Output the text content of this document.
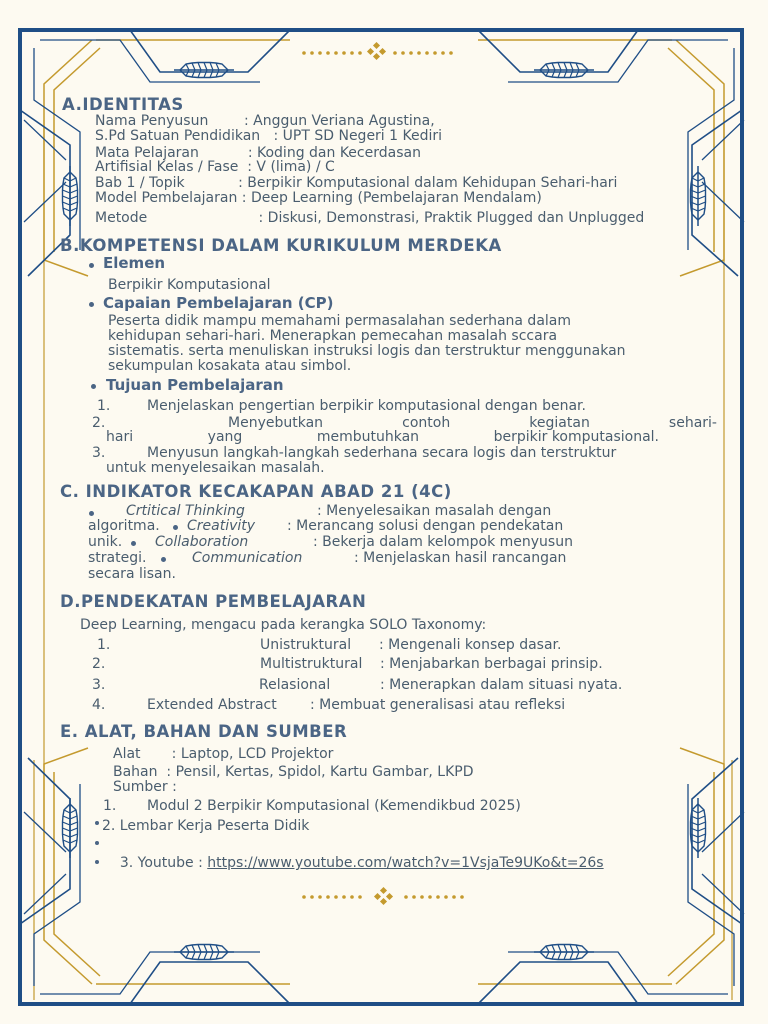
A.IDENTITAS
Nama Penyusun        : Anggun Veriana Agustina,
S.Pd Satuan Pendidikan   : UPT SD Negeri 1 Kediri
Mata Pelajaran           : Koding dan Kecerdasan
Artifisial Kelas / Fase  : V (lima) / C
Bab 1 / Topik            : Berpikir Komputasional dalam Kehidupan Sehari-hari
Model Pembelajaran : Deep Learning (Pembelajaran Mendalam)
Metode                         : Diskusi, Demonstrasi, Praktik Plugged dan Unplugged
B.KOMPETENSI DALAM KURIKULUM MERDEKA
Elemen
Berpikir Komputasional
Capaian Pembelajaran (CP)
Peserta didik mampu memahami permasalahan sederhana dalam
kehidupan sehari-hari. Menerapkan pemecahan masalah sccara
sistematis. serta menuliskan instruksi logis dan terstruktur menggunakan
sekumpulan kosakata atau simbol.
Tujuan Pembelajaran
1.	Menjelaskan pengertian berpikir komputasional dengan benar.
2.	Menyebutkan	contoh	kegiatan	sehari-
hari	yang	membutuhkan	berpikir komputasional.
3.	Menyusun langkah-langkah sederhana secara logis dan terstruktur
untuk menyelesaikan masalah.
C. INDIKATOR KECAKAPAN ABAD 21 (4C)
Crtitical Thinking	: Menyelesaikan masalah dengan
algoritma. Creativity : Merancang solusi dengan pendekatan
unik. Collaboration	: Bekerja dalam kelompok menyusun
strategi.	Communication	: Menjelaskan hasil rancangan
secara lisan.
D.PENDEKATAN PEMBELAJARAN
Deep Learning, mengacu pada kerangka SOLO Taxonomy:
1.	Unistruktural : Mengenali konsep dasar.
2.	Multistruktural : Menjabarkan berbagai prinsip.
3.	Relasional	: Menerapkan dalam situasi nyata.
4.	Extended Abstract : Membuat generalisasi atau refleksi
E. ALAT, BAHAN DAN SUMBER
Alat       : Laptop, LCD Projektor
Bahan  : Pensil, Kertas, Spidol, Kartu Gambar, LKPD
Sumber :
1. Modul 2 Berpikir Komputasional (Kemendikbud 2025)
2. Lembar Kerja Peserta Didik

3. Youtube : https://www.youtube.com/watch?v=1VsjaTe9UKo&t=26s
